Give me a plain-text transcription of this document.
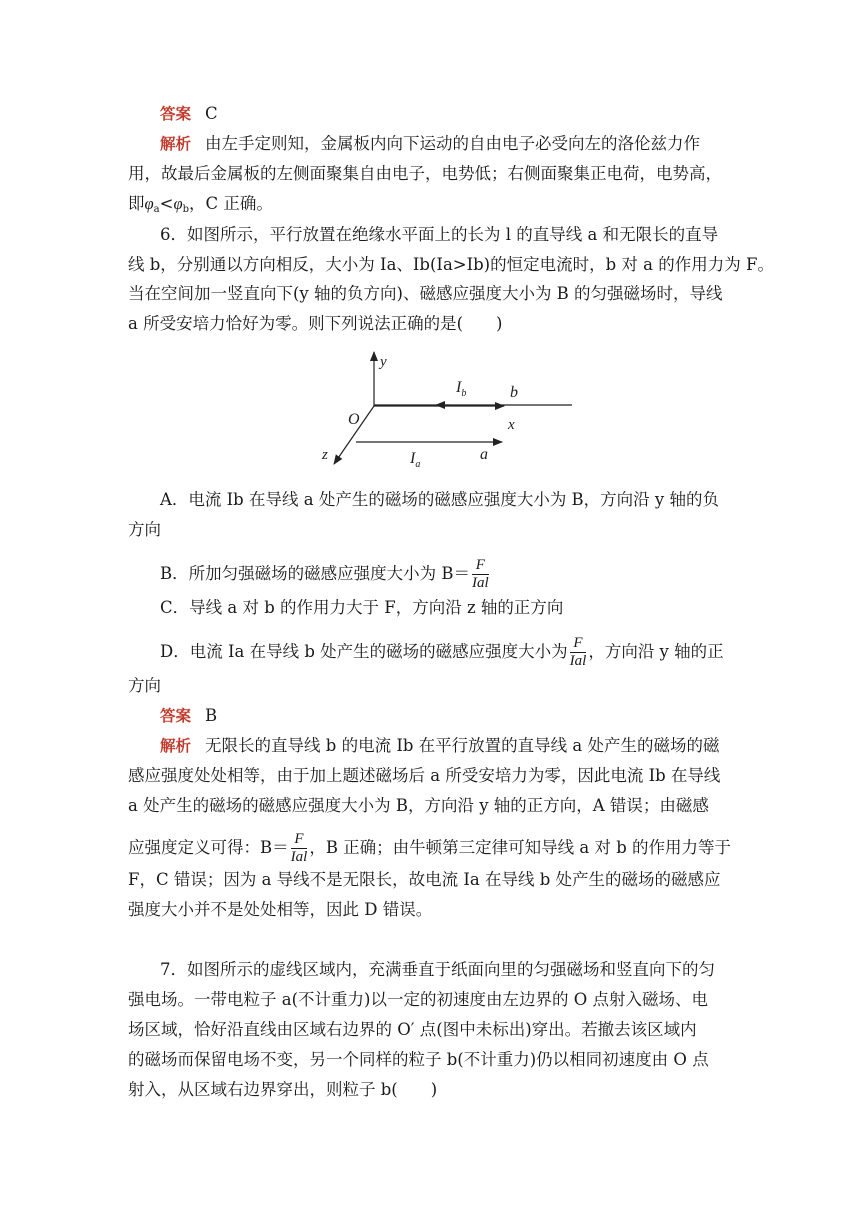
答案 C
解析 由左手定则知，金属板内向下运动的自由电子必受向左的洛伦兹力作
用，故最后金属板的左侧面聚集自由电子，电势低；右侧面聚集正电荷，电势高，
即$\varphi_a<\varphi_b$，C 正确。
6．如图所示，平行放置在绝缘水平面上的长为 l 的直导线 a 和无限长的直导
线 b，分别通以方向相反，大小为 Ia、Ib(Ia>Ib)的恒定电流时，b 对 a 的作用力为 F。
当在空间加一竖直向下(y 轴的负方向)、磁感应强度大小为 B 的匀强磁场时，导线
a 所受安培力恰好为零。则下列说法正确的是(　　)
y
O	x
z
$I_b$	b
$I_a$
a
A．电流 Ib 在导线 a 处产生的磁场的磁感应强度大小为 B，方向沿 y 轴的负
方向
B．所加匀强磁场的磁感应强度大小为 $B= \frac{F}{\text{Ial}}$
C．导线 a 对 b 的作用力大于 F，方向沿 z 轴的正方向
D．电流 Ia 在导线 b 处产生的磁场的磁感应强度大小为 $\frac{F}{\text{Ial}}$ ，方向沿 y 轴的正
方向
答案 B
解析 无限长的直导线 b 的电流 Ib 在平行放置的直导线 a 处产生的磁场的磁
感应强度处处相等，由于加上题述磁场后 a 所受安培力为零，因此电流 Ib 在导线
a 处产生的磁场的磁感应强度大小为 B，方向沿 y 轴的正方向，A 错误；由磁感
应强度定义可得：$B= \frac{F}{\text{Ial}}$ ，B 正确；由牛顿第三定律可知导线 a 对 b 的作用力等于
F，C 错误；因为 a 导线不是无限长，故电流 Ia 在导线 b 处产生的磁场的磁感应
强度大小并不是处处相等，因此 D 错误。
7．如图所示的虚线区域内，充满垂直于纸面向里的匀强磁场和竖直向下的匀
强电场。一带电粒子 a(不计重力)以一定的初速度由左边界的 O 点射入磁场、电
场区域，恰好沿直线由区域右边界的 O′ 点(图中未标出)穿出。若撤去该区域内
的磁场而保留电场不变，另一个同样的粒子 b(不计重力)仍以相同初速度由 O 点
射入，从区域右边界穿出，则粒子 b(　　)
